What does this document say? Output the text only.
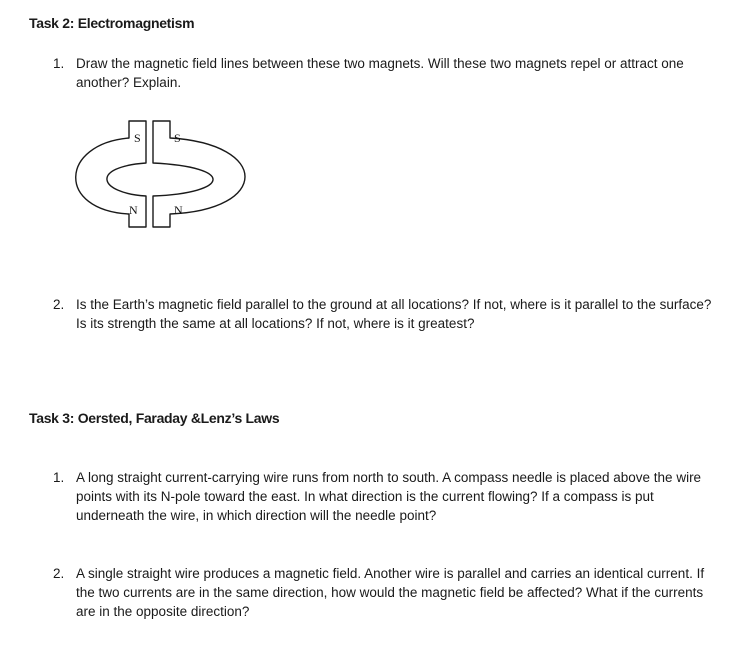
Task 2: Electromagnetism
1. Draw the magnetic field lines between these two magnets. Will these two magnets repel or attract one another? Explain.
S
N
S
N
2. Is the Earth’s magnetic field parallel to the ground at all locations? If not, where is it parallel to the surface? Is its strength the same at all locations? If not, where is it greatest?
Task 3: Oersted, Faraday &Lenz’s Laws
1. A long straight current-carrying wire runs from north to south. A compass needle is placed above the wire points with its N-pole toward the east. In what direction is the current flowing? If a compass is put underneath the wire, in which direction will the needle point?
2. A single straight wire produces a magnetic field. Another wire is parallel and carries an identical current. If the two currents are in the same direction, how would the magnetic field be affected? What if the currents are in the opposite direction?
